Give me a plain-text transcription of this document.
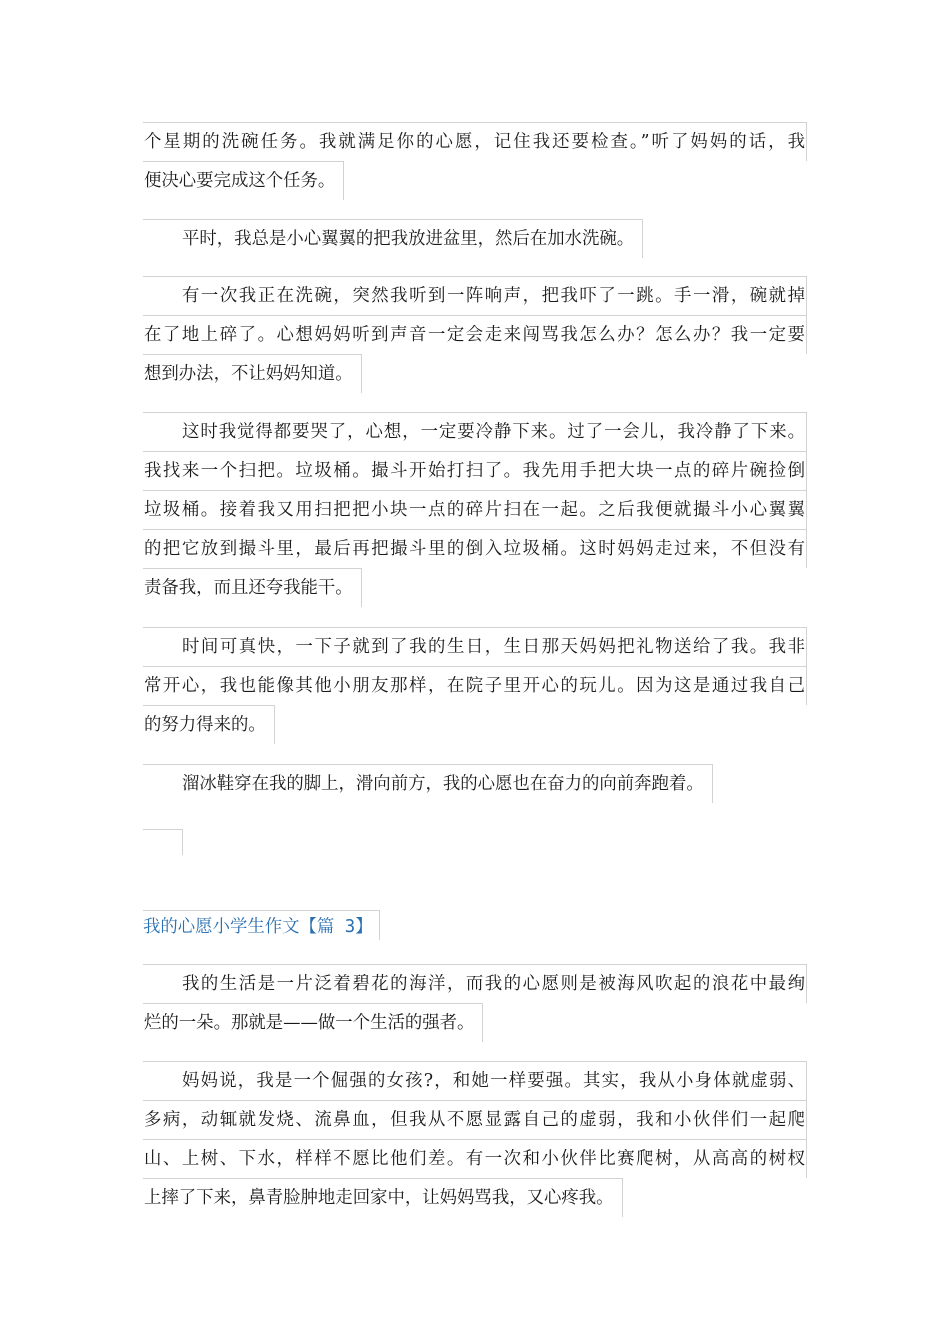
个星期的洗碗任务。我就满足你的心愿，记住我还要检查。”听了妈妈的话，我
便决心要完成这个任务。
平时，我总是小心翼翼的把我放进盆里，然后在加水洗碗。
有一次我正在洗碗，突然我听到一阵响声，把我吓了一跳。手一滑，碗就掉
在了地上碎了。心想妈妈听到声音一定会走来闯骂我怎么办？怎么办？我一定要
想到办法，不让妈妈知道。
这时我觉得都要哭了，心想，一定要冷静下来。过了一会儿，我冷静了下来。
我找来一个扫把。垃圾桶。撮斗开始打扫了。我先用手把大块一点的碎片碗捡倒
垃圾桶。接着我又用扫把把小块一点的碎片扫在一起。之后我便就撮斗小心翼翼
的把它放到撮斗里，最后再把撮斗里的倒入垃圾桶。这时妈妈走过来，不但没有
责备我，而且还夸我能干。
时间可真快，一下子就到了我的生日，生日那天妈妈把礼物送给了我。我非
常开心，我也能像其他小朋友那样，在院子里开心的玩儿。因为这是通过我自己
的努力得来的。
溜冰鞋穿在我的脚上，滑向前方，我的心愿也在奋力的向前奔跑着。
我的心愿小学生作文【篇 3】
我的生活是一片泛着碧花的海洋，而我的心愿则是被海风吹起的浪花中最绚
烂的一朵。那就是——做一个生活的强者。
妈妈说，我是一个倔强的女孩?，和她一样要强。其实，我从小身体就虚弱、
多病，动辄就发烧、流鼻血，但我从不愿显露自己的虚弱，我和小伙伴们一起爬
山、上树、下水，样样不愿比他们差。有一次和小伙伴比赛爬树，从高高的树杈
上摔了下来，鼻青脸肿地走回家中，让妈妈骂我，又心疼我。
